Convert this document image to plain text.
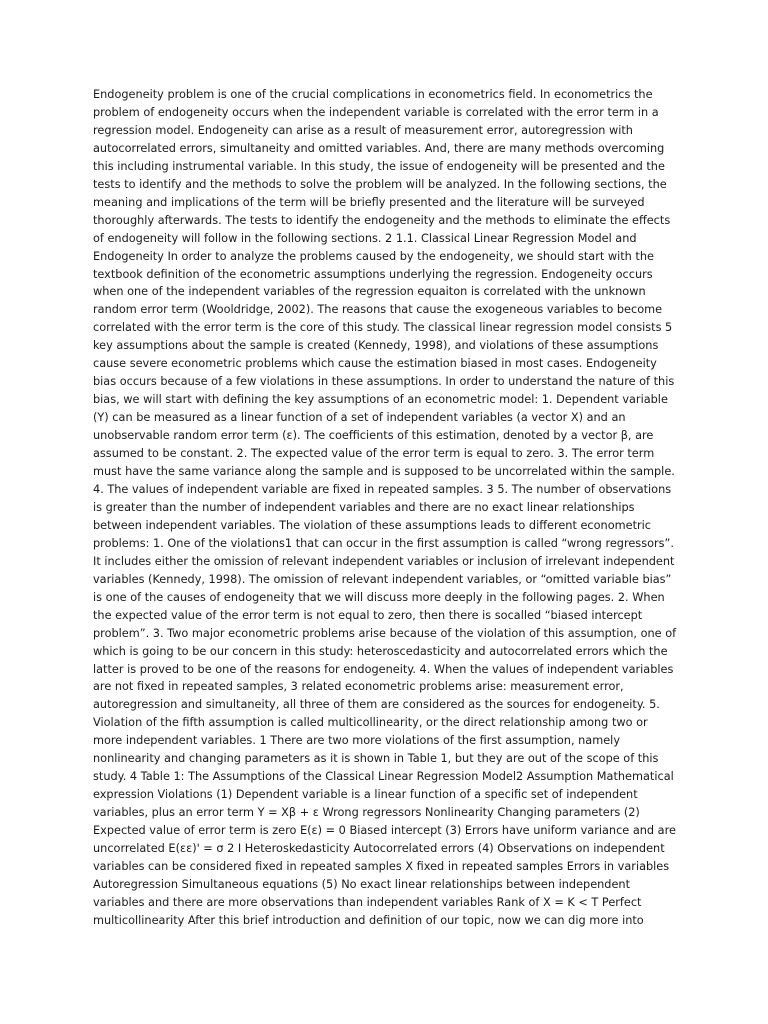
Endogeneity problem is one of the crucial complications in econometrics field. In econometrics the problem of endogeneity occurs when the independent variable is correlated with the error term in a regression model. Endogeneity can arise as a result of measurement error, autoregression with autocorrelated errors, simultaneity and omitted variables. And, there are many methods overcoming this including instrumental variable. In this study, the issue of endogeneity will be presented and the tests to identify and the methods to solve the problem will be analyzed. In the following sections, the meaning and implications of the term will be briefly presented and the literature will be surveyed thoroughly afterwards. The tests to identify the endogeneity and the methods to eliminate the effects of endogeneity will follow in the following sections. 2 1.1. Classical Linear Regression Model and Endogeneity In order to analyze the problems caused by the endogeneity, we should start with the textbook definition of the econometric assumptions underlying the regression. Endogeneity occurs when one of the independent variables of the regression equaiton is correlated with the unknown random error term (Wooldridge, 2002). The reasons that cause the exogeneous variables to become correlated with the error term is the core of this study. The classical linear regression model consists 5 key assumptions about the sample is created (Kennedy, 1998), and violations of these assumptions cause severe econometric problems which cause the estimation biased in most cases. Endogeneity bias occurs because of a few violations in these assumptions. In order to understand the nature of this bias, we will start with defining the key assumptions of an econometric model: 1. Dependent variable (Y) can be measured as a linear function of a set of independent variables (a vector X) and an unobservable random error term (ε). The coefficients of this estimation, denoted by a vector β, are assumed to be constant. 2. The expected value of the error term is equal to zero. 3. The error term must have the same variance along the sample and is supposed to be uncorrelated within the sample. 4. The values of independent variable are fixed in repeated samples. 3 5. The number of observations is greater than the number of independent variables and there are no exact linear relationships between independent variables. The violation of these assumptions leads to different econometric problems: 1. One of the violations1 that can occur in the first assumption is called “wrong regressors”. It includes either the omission of relevant independent variables or inclusion of irrelevant independent variables (Kennedy, 1998). The omission of relevant independent variables, or “omitted variable bias” is one of the causes of endogeneity that we will discuss more deeply in the following pages. 2. When the expected value of the error term is not equal to zero, then there is socalled “biased intercept problem”. 3. Two major econometric problems arise because of the violation of this assumption, one of which is going to be our concern in this study: heteroscedasticity and autocorrelated errors which the latter is proved to be one of the reasons for endogeneity. 4. When the values of independent variables are not fixed in repeated samples, 3 related econometric problems arise: measurement error, autoregression and simultaneity, all three of them are considered as the sources for endogeneity. 5. Violation of the fifth assumption is called multicollinearity, or the direct relationship among two or more independent variables. 1 There are two more violations of the first assumption, namely nonlinearity and changing parameters as it is shown in Table 1, but they are out of the scope of this study. 4 Table 1: The Assumptions of the Classical Linear Regression Model2 Assumption Mathematical expression Violations (1) Dependent variable is a linear function of a specific set of independent variables, plus an error term Y = Xβ + ε Wrong regressors Nonlinearity Changing parameters (2) Expected value of error term is zero E(ε) = 0 Biased intercept (3) Errors have uniform variance and are uncorrelated E(εε)' = σ 2 I Heteroskedasticity Autocorrelated errors (4) Observations on independent variables can be considered fixed in repeated samples X fixed in repeated samples Errors in variables Autoregression Simultaneous equations (5) No exact linear relationships between independent variables and there are more observations than independent variables Rank of X = K < T Perfect multicollinearity After this brief introduction and definition of our topic, now we can dig more into
